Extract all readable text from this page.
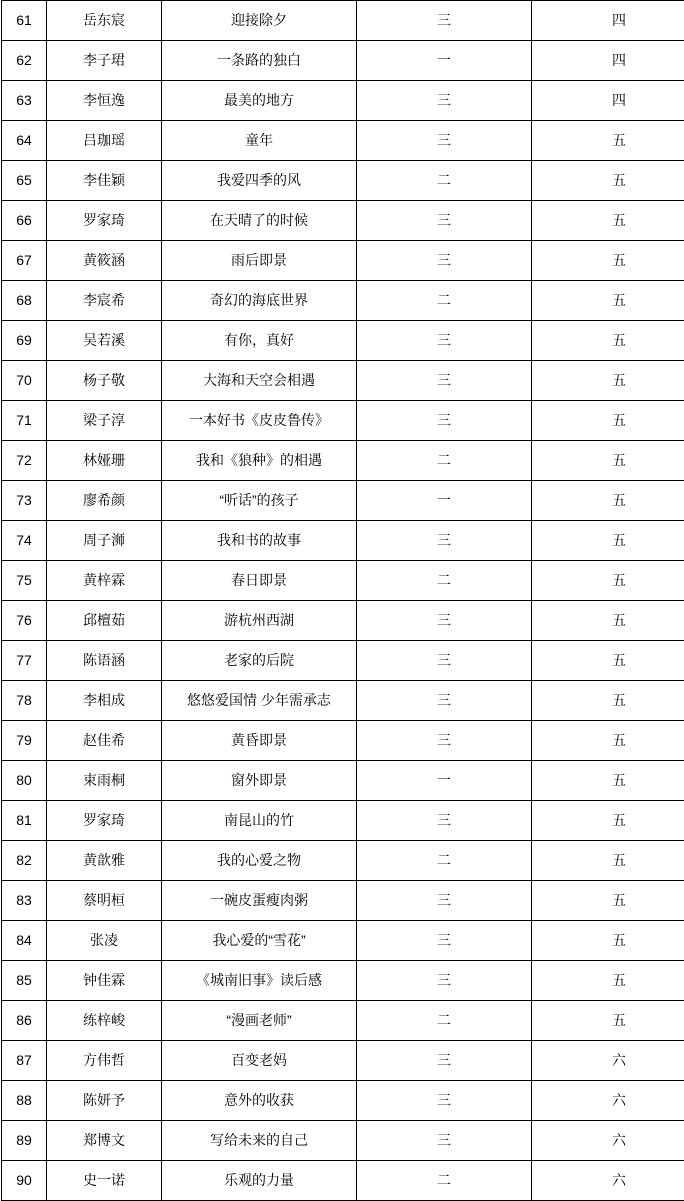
61	岳东宸	迎接除夕	三	四
62	李子珺	一条路的独白	一	四
63	李恒逸	最美的地方	三	四
64	吕珈瑶	童年	三	五
65	李佳颖	我爱四季的风	二	五
66	罗家琦	在天晴了的时候	三	五
67	黄筱涵	雨后即景	三	五
68	李宸希	奇幻的海底世界	二	五
69	吴若溪	有你，真好	三	五
70	杨子敬	大海和天空会相遇	三	五
71	梁子淳	一本好书《皮皮鲁传》	三	五
72	林娅珊	我和《狼种》的相遇	二	五
73	廖希颜	“听话”的孩子	一	五
74	周子浉	我和书的故事	三	五
75	黄梓霖	春日即景	二	五
76	邱檀茹	游杭州西湖	三	五
77	陈语涵	老家的后院	三	五
78	李相成	悠悠爱国情 少年需承志	三	五
79	赵佳希	黄昏即景	三	五
80	束雨桐	窗外即景	一	五
81	罗家琦	南昆山的竹	三	五
82	黄歆雅	我的心爱之物	二	五
83	蔡明桓	一碗皮蛋瘦肉粥	三	五
84	张凌	我心爱的“雪花”	三	五
85	钟佳霖	《城南旧事》读后感	三	五
86	练梓峻	“漫画老师”	二	五
87	方伟哲	百变老妈	三	六
88	陈妍予	意外的收获	三	六
89	郑博文	写给未来的自己	三	六
90	史一诺	乐观的力量	二	六
